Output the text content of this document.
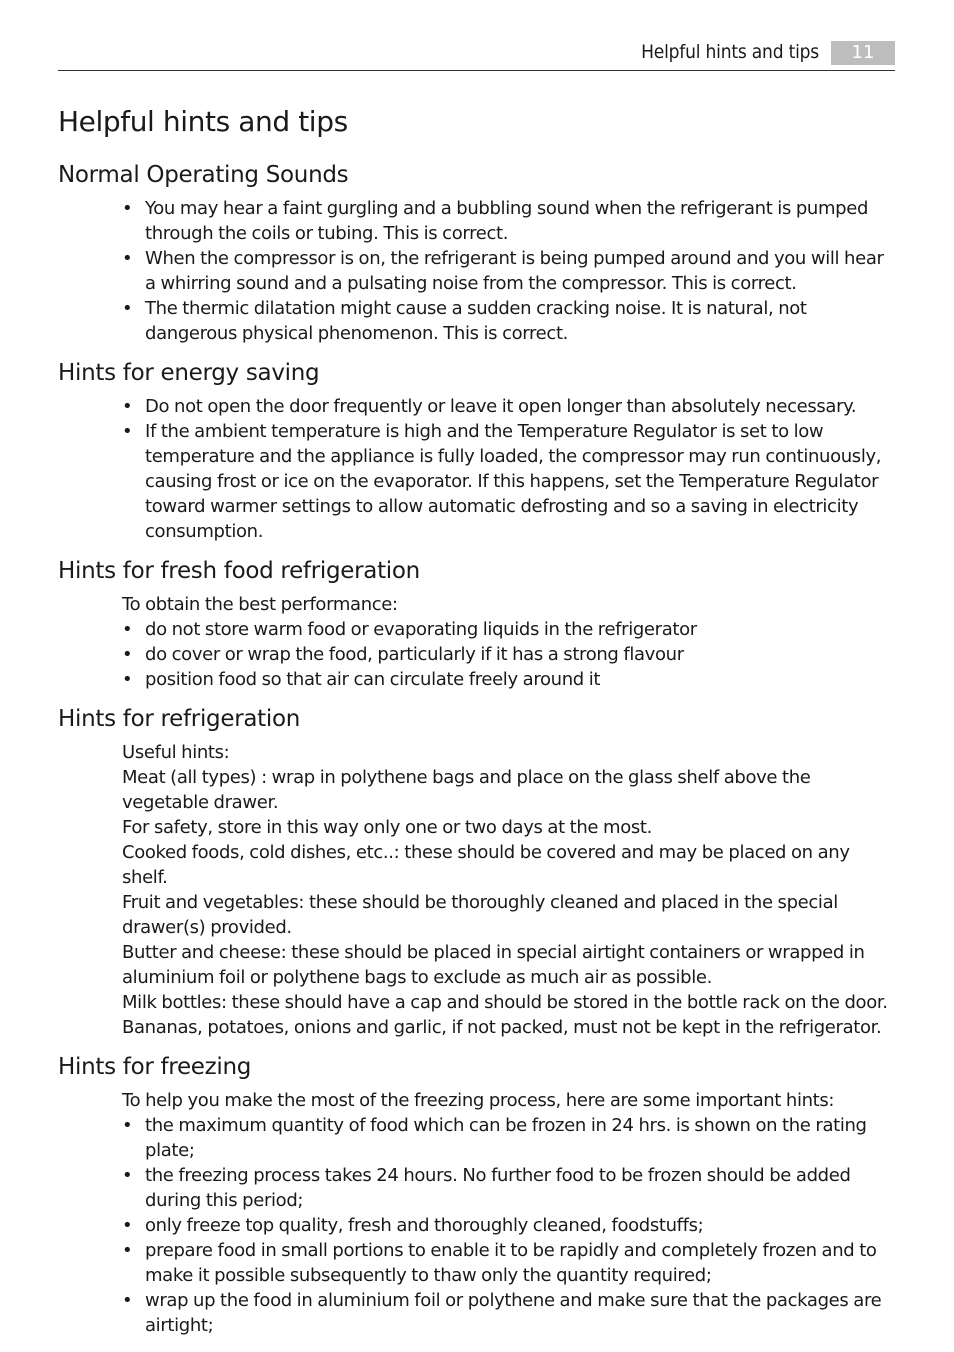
Helpful hints and tips	11
Helpful hints and tips
Normal Operating Sounds
• You may hear a faint gurgling and a bubbling sound when the refrigerant is pumped through the coils or tubing. This is correct.
• When the compressor is on, the refrigerant is being pumped around and you will hear a whirring sound and a pulsating noise from the compressor. This is correct.
• The thermic dilatation might cause a sudden cracking noise. It is natural, not dangerous physical phenomenon. This is correct.
Hints for energy saving
• Do not open the door frequently or leave it open longer than absolutely necessary.
• If the ambient temperature is high and the Temperature Regulator is set to low temperature and the appliance is fully loaded, the compressor may run continuously, causing frost or ice on the evaporator. If this happens, set the Temperature Regulator toward warmer settings to allow automatic defrosting and so a saving in electricity consumption.
Hints for fresh food refrigeration

To obtain the best performance:

• do not store warm food or evaporating liquids in the refrigerator
• do cover or wrap the food, particularly if it has a strong flavour
• position food so that air can circulate freely around it
Hints for refrigeration

Useful hints:

Meat (all types) : wrap in polythene bags and place on the glass shelf above the vegetable drawer.

For safety, store in this way only one or two days at the most.

Cooked foods, cold dishes, etc..: these should be covered and may be placed on any shelf.

Fruit and vegetables: these should be thoroughly cleaned and placed in the special drawer(s) provided.

Butter and cheese: these should be placed in special airtight containers or wrapped in aluminium foil or polythene bags to exclude as much air as possible.

Milk bottles: these should have a cap and should be stored in the bottle rack on the door.

Bananas, potatoes, onions and garlic, if not packed, must not be kept in the refrigerator.

Hints for freezing

To help you make the most of the freezing process, here are some important hints:

• the maximum quantity of food which can be frozen in 24 hrs. is shown on the rating plate;
• the freezing process takes 24 hours. No further food to be frozen should be added during this period;
• only freeze top quality, fresh and thoroughly cleaned, foodstuffs;
• prepare food in small portions to enable it to be rapidly and completely frozen and to make it possible subsequently to thaw only the quantity required;
• wrap up the food in aluminium foil or polythene and make sure that the packages are airtight;
